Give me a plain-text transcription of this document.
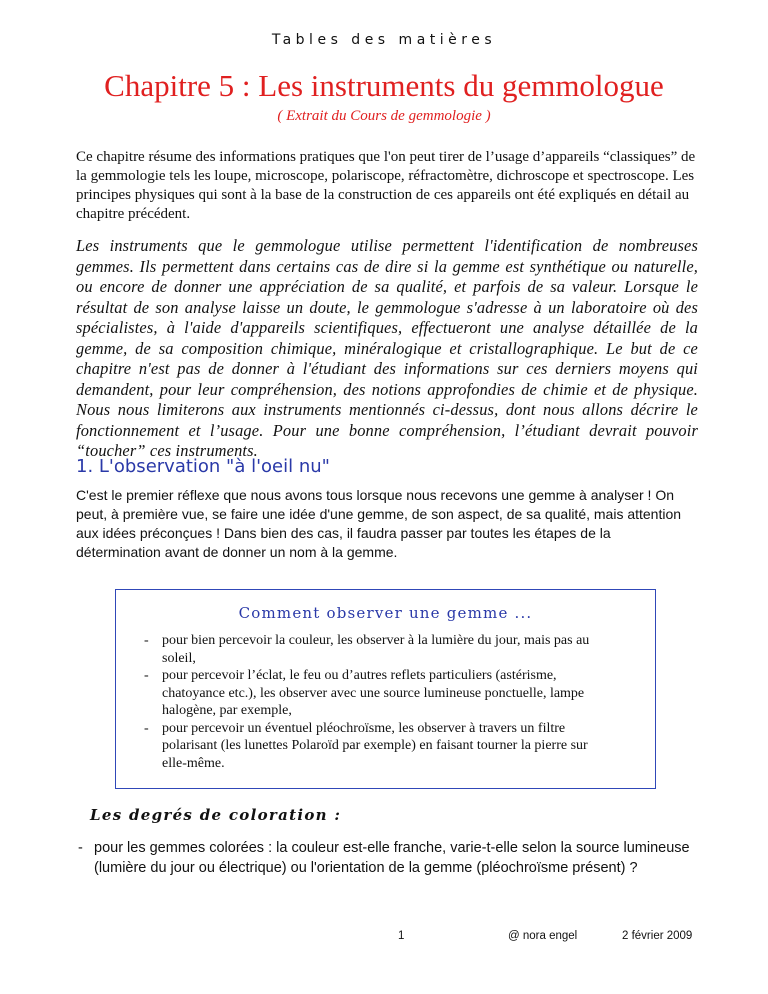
Tables des matières
Chapitre 5 : Les instruments du gemmologue
( Extrait du Cours de gemmologie )

Ce chapitre résume des informations pratiques que l'on peut tirer de l’usage d’appareils “classiques” de la gemmologie tels les loupe, microscope, polariscope, réfractomètre, dichroscope et spectroscope. Les principes physiques qui sont à la base de la construction de ces appareils ont été expliqués en détail au chapitre précédent.

Les instruments que le gemmologue utilise permettent l'identification de nombreuses gemmes. Ils permettent dans certains cas de dire si la gemme est synthétique ou naturelle, ou encore de donner une appréciation de sa qualité, et parfois de sa valeur. Lorsque le résultat de son analyse laisse un doute, le gemmologue s'adresse à un laboratoire où des spécialistes, à l'aide d'appareils scientifiques, effectueront une analyse détaillée de la gemme, de sa composition chimique, minéralogique et cristallographique. Le but de ce chapitre n'est pas de donner à l'étudiant des informations sur ces derniers moyens qui demandent, pour leur compréhension, des notions approfondies de chimie et de physique. Nous nous limiterons aux instruments mentionnés ci-dessus, dont nous allons décrire le fonctionnement et l’usage. Pour une bonne compréhension, l’étudiant devrait pouvoir “toucher” ces instruments.

1. L'observation "à l'oeil nu"

C'est le premier réflexe que nous avons tous lorsque nous recevons une gemme à analyser ! On peut, à première vue, se faire une idée d'une gemme, de son aspect, de sa qualité, mais attention aux idées préconçues ! Dans bien des cas, il faudra passer par toutes les étapes de la détermination avant de donner un nom à la gemme.

Comment observer une gemme ...
- pour bien percevoir la couleur, les observer à la lumière du jour, mais pas au soleil,
- pour percevoir l’éclat, le feu ou d’autres reflets particuliers (astérisme, chatoyance etc.), les observer avec une source lumineuse ponctuelle, lampe halogène, par exemple,
- pour percevoir un éventuel pléochroïsme, les observer à travers un filtre polarisant (les lunettes Polaroïd par exemple) en faisant tourner la pierre sur elle-même.
Les degrés de coloration :
- pour les gemmes colorées : la couleur est-elle franche, varie-t-elle selon la source lumineuse (lumière du jour ou électrique) ou l'orientation de la gemme (pléochroïsme présent) ?
1	@ nora engel	2 février 2009
